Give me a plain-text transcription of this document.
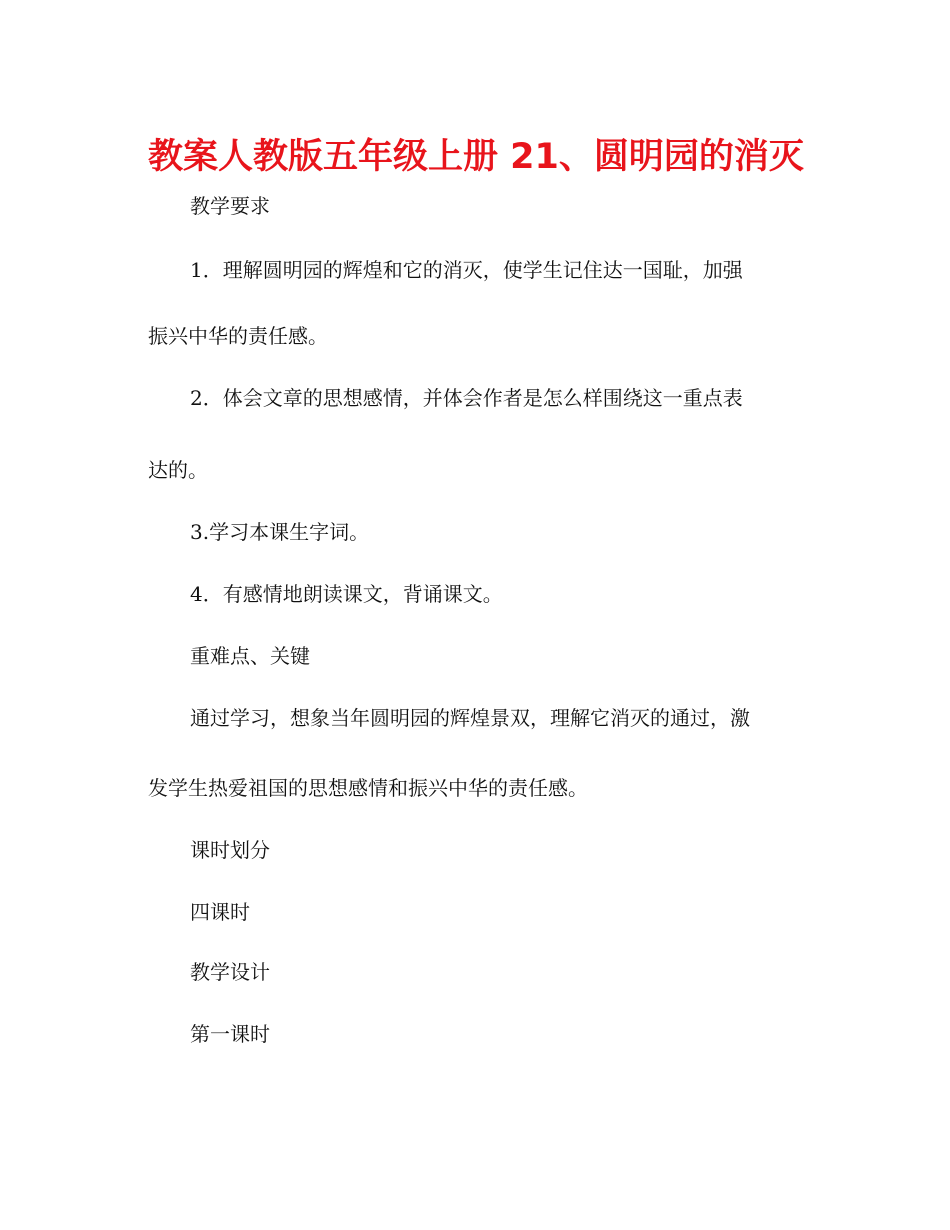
教案人教版五年级上册 21、圆明园的消灭

教学要求

1．理解圆明园的辉煌和它的消灭，使学生记住达一国耻，加强

振兴中华的责任感。

2．体会文章的思想感情，并体会作者是怎么样围绕这一重点表

达的。

3.学习本课生字词。

4．有感情地朗读课文，背诵课文。

重难点、关键

通过学习，想象当年圆明园的辉煌景双，理解它消灭的通过，激

发学生热爱祖国的思想感情和振兴中华的责任感。

课时划分

四课时

教学设计

第一课时
